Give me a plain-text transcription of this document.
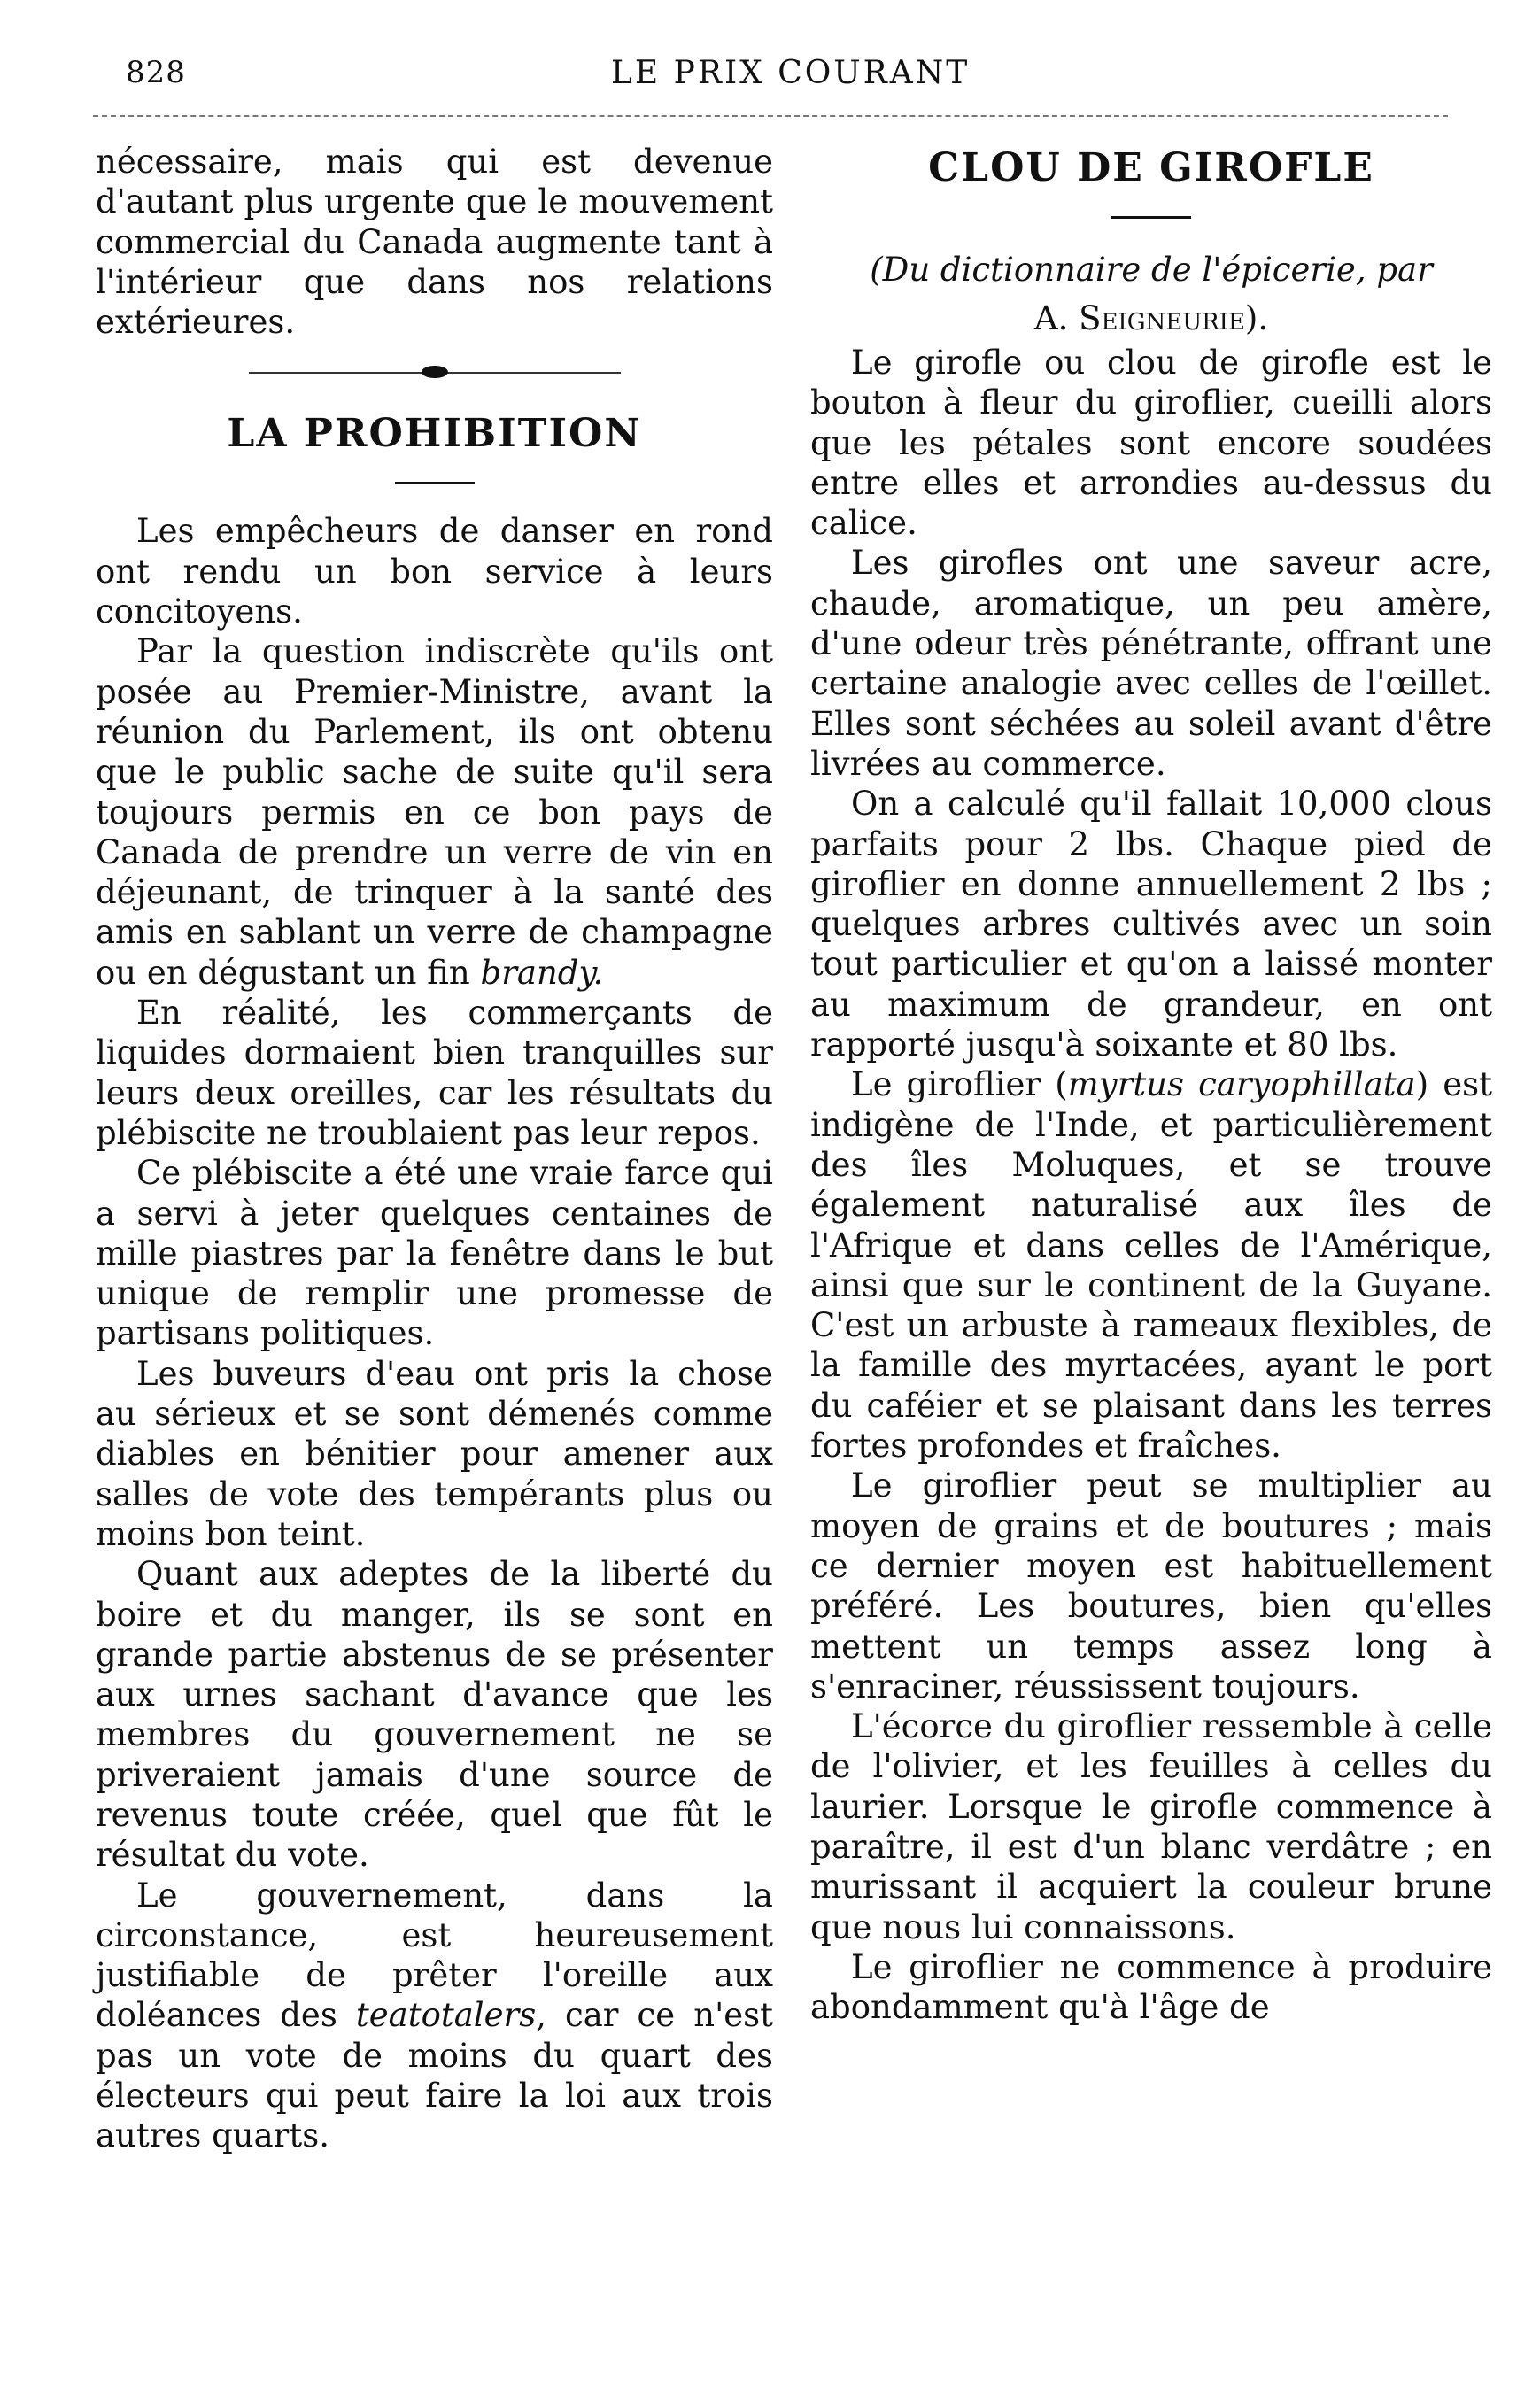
828	LE PRIX COURANT

nécessaire, mais qui est devenue d'autant plus urgente que le mouvement commercial du Canada augmente tant à l'intérieur que dans nos relations extérieures.

LA PROHIBITION

Les empêcheurs de danser en rond ont rendu un bon service à leurs concitoyens.

Par la question indiscrète qu'ils ont posée au Premier-Ministre, avant la réunion du Parlement, ils ont obtenu que le public sache de suite qu'il sera toujours permis en ce bon pays de Canada de prendre un verre de vin en déjeunant, de trinquer à la santé des amis en sablant un verre de champagne ou en dégustant un fin brandy.

En réalité, les commerçants de liquides dormaient bien tranquilles sur leurs deux oreilles, car les résultats du plébiscite ne troublaient pas leur repos.

Ce plébiscite a été une vraie farce qui a servi à jeter quelques centaines de mille piastres par la fenêtre dans le but unique de remplir une promesse de partisans politiques.

Les buveurs d'eau ont pris la chose au sérieux et se sont démenés comme diables en bénitier pour amener aux salles de vote des tempérants plus ou moins bon teint.

Quant aux adeptes de la liberté du boire et du manger, ils se sont en grande partie abstenus de se présenter aux urnes sachant d'avance que les membres du gouvernement ne se priveraient jamais d'une source de revenus toute créée, quel que fût le résultat du vote.

Le gouvernement, dans la circonstance, est heureusement justifiable de prêter l'oreille aux doléances des teatotalers, car ce n'est pas un vote de moins du quart des électeurs qui peut faire la loi aux trois autres quarts.

CLOU DE GIROFLE

(Du dictionnaire de l'épicerie, par

A. Seigneurie).

Le girofle ou clou de girofle est le bouton à fleur du giroflier, cueilli alors que les pétales sont encore soudées entre elles et arrondies au-dessus du calice.

Les girofles ont une saveur acre, chaude, aromatique, un peu amère, d'une odeur très pénétrante, offrant une certaine analogie avec celles de l'œillet. Elles sont séchées au soleil avant d'être livrées au commerce.

On a calculé qu'il fallait 10,000 clous parfaits pour 2 lbs. Chaque pied de giroflier en donne annuellement 2 lbs ; quelques arbres cultivés avec un soin tout particulier et qu'on a laissé monter au maximum de grandeur, en ont rapporté jusqu'à soixante et 80 lbs.

Le giroflier (myrtus caryophillata) est indigène de l'Inde, et particulièrement des îles Moluques, et se trouve également naturalisé aux îles de l'Afrique et dans celles de l'Amérique, ainsi que sur le continent de la Guyane. C'est un arbuste à rameaux flexibles, de la famille des myrtacées, ayant le port du caféier et se plaisant dans les terres fortes profondes et fraîches.

Le giroflier peut se multiplier au moyen de grains et de boutures ; mais ce dernier moyen est habituellement préféré. Les boutures, bien qu'elles mettent un temps assez long à s'enraciner, réussissent toujours.

L'écorce du giroflier ressemble à celle de l'olivier, et les feuilles à celles du laurier. Lorsque le girofle commence à paraître, il est d'un blanc verdâtre ; en murissant il acquiert la couleur brune que nous lui connaissons.

Le giroflier ne commence à produire abondamment qu'à l'âge de
